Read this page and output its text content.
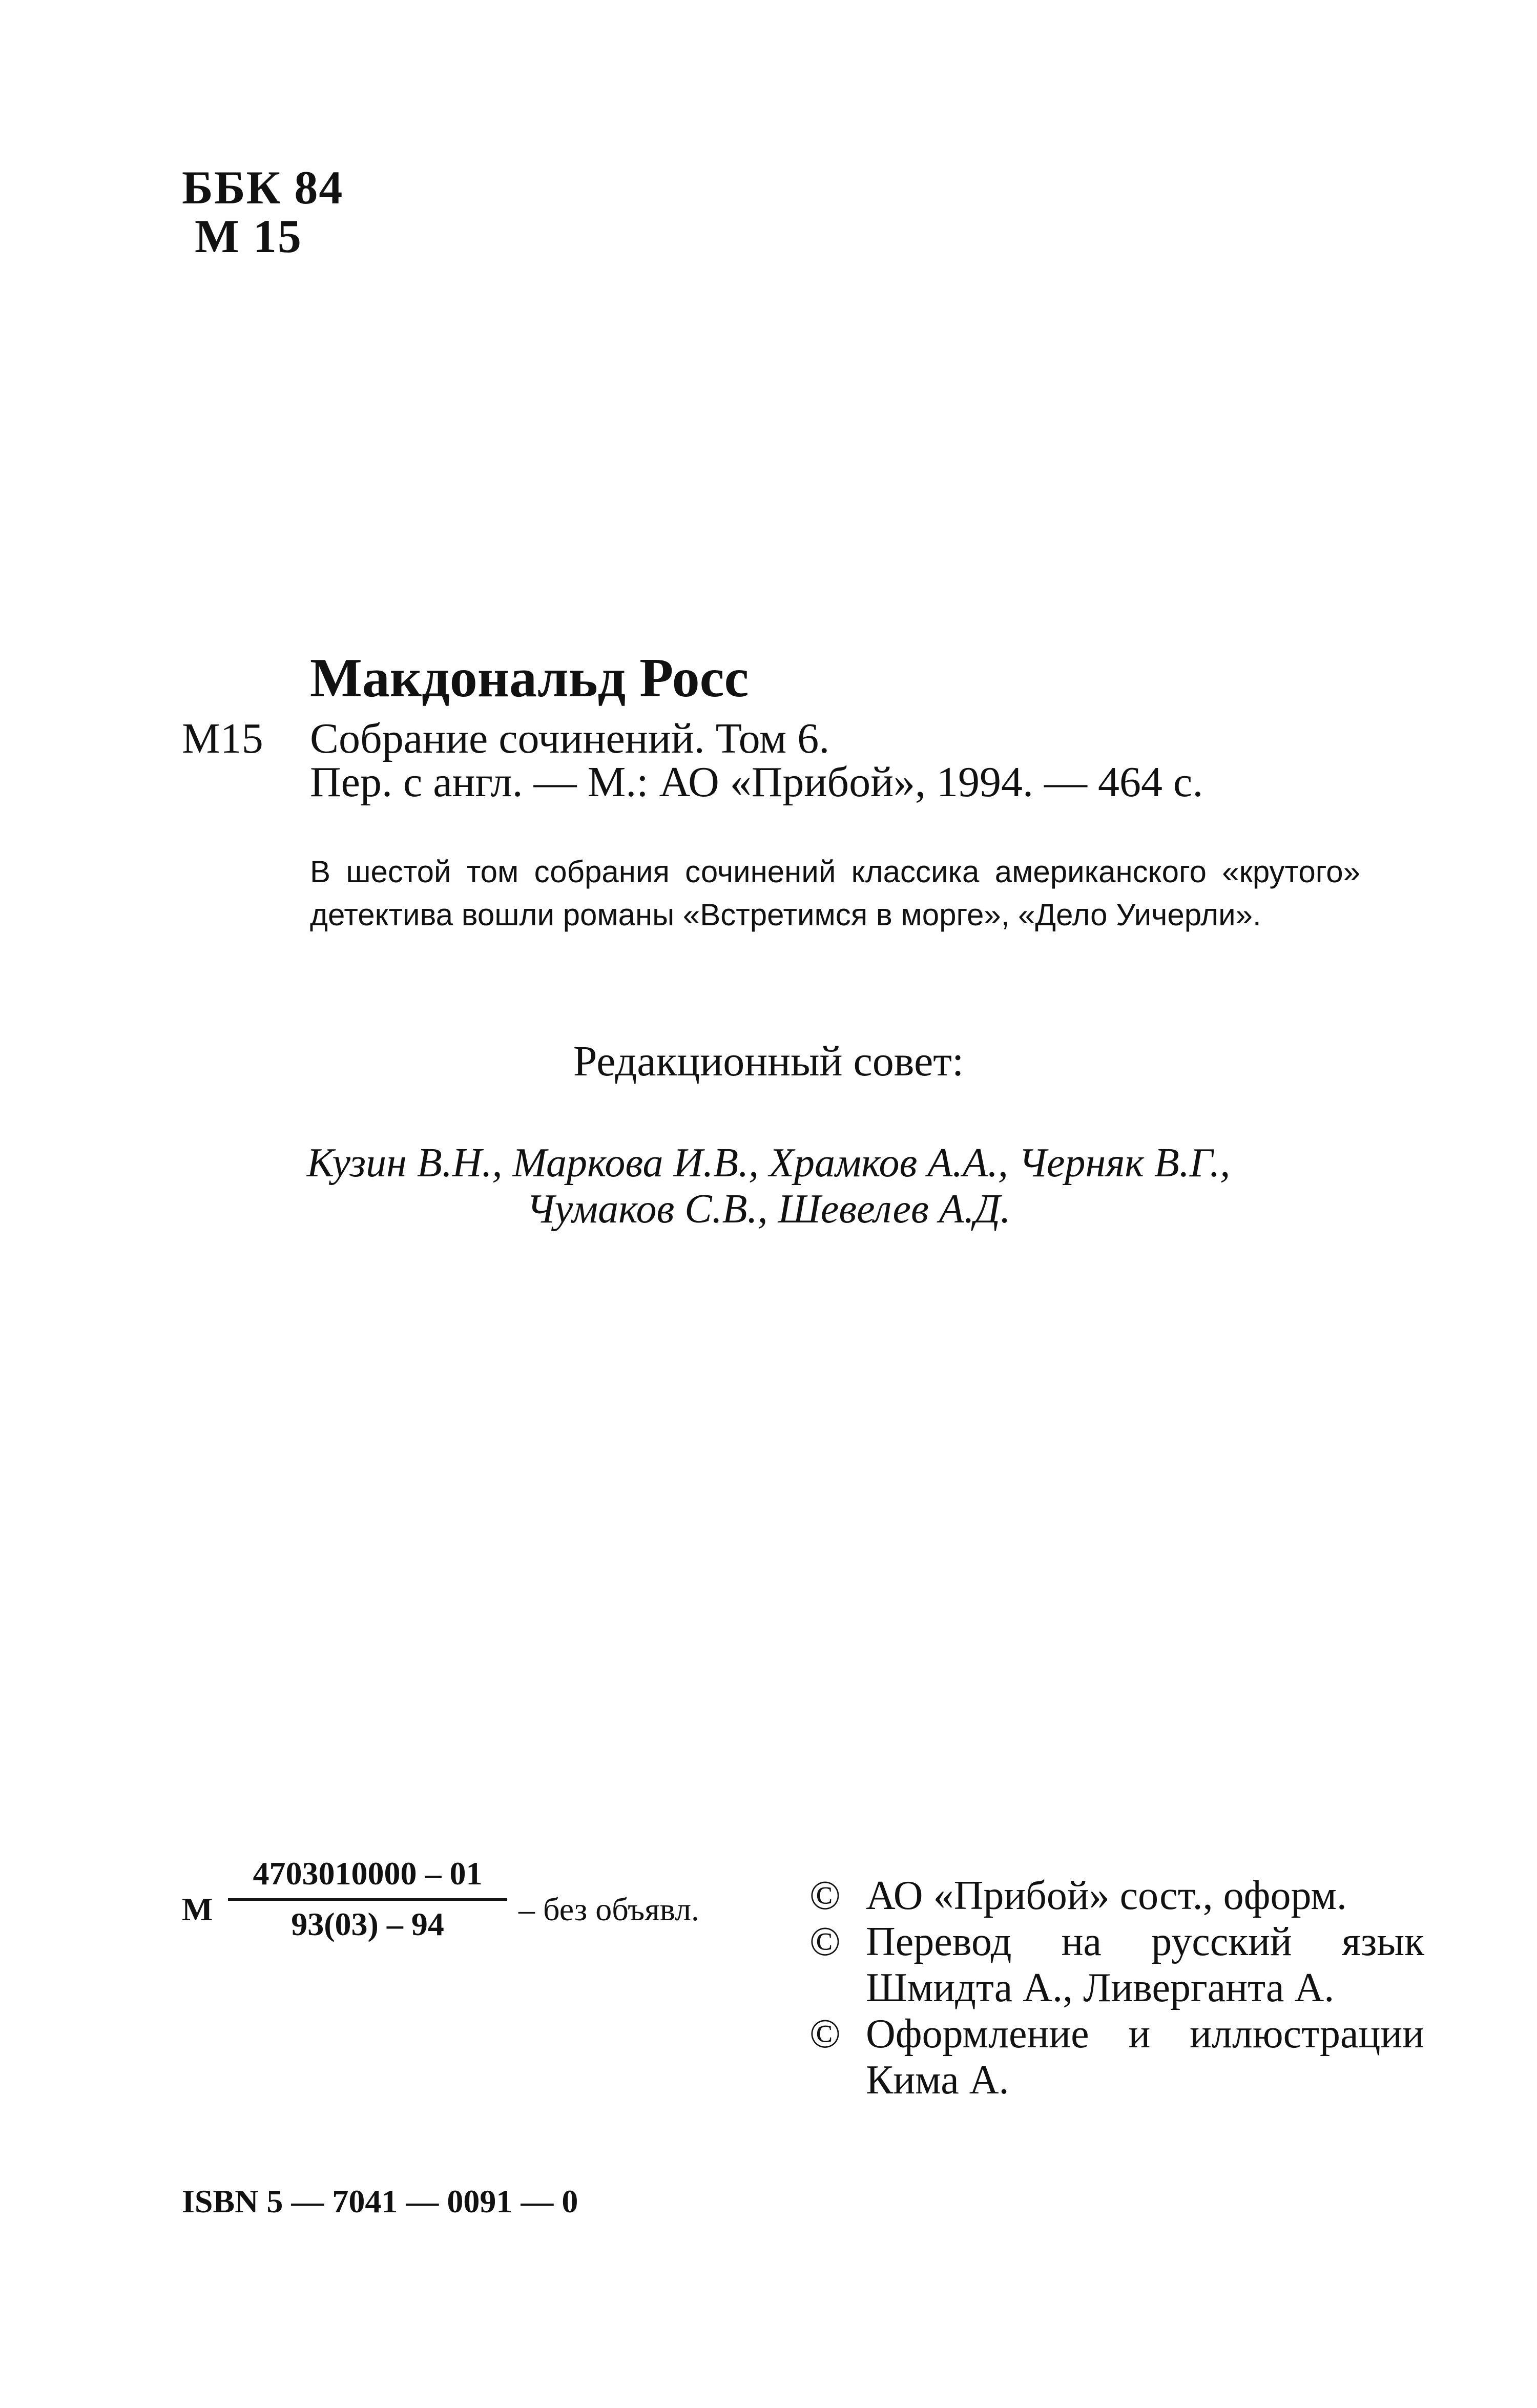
ББК 84
М 15
Макдональд Росс
М15 Собрание сочинений. Том 6.
Пер. с англ. — М.: АО «Прибой», 1994. — 464 с.
В шестой том собрания сочинений классика американского «крутого» детектива вошли романы «Встретимся в морге», «Дело Уичерли».
Редакционный совет:
Кузин В.Н., Маркова И.В., Храмков А.А., Черняк В.Г.,
Чумаков С.В., Шевелев А.Д.
М
4703010000 – 01
93(03) – 94	– без объявл.	© АО «Прибой» сост., оформ.
© Перевод на русский язык Шмидта А., Ливерганта А.
© Оформление и иллюстрации Кима А.
ISBN 5 — 7041 — 0091 — 0
